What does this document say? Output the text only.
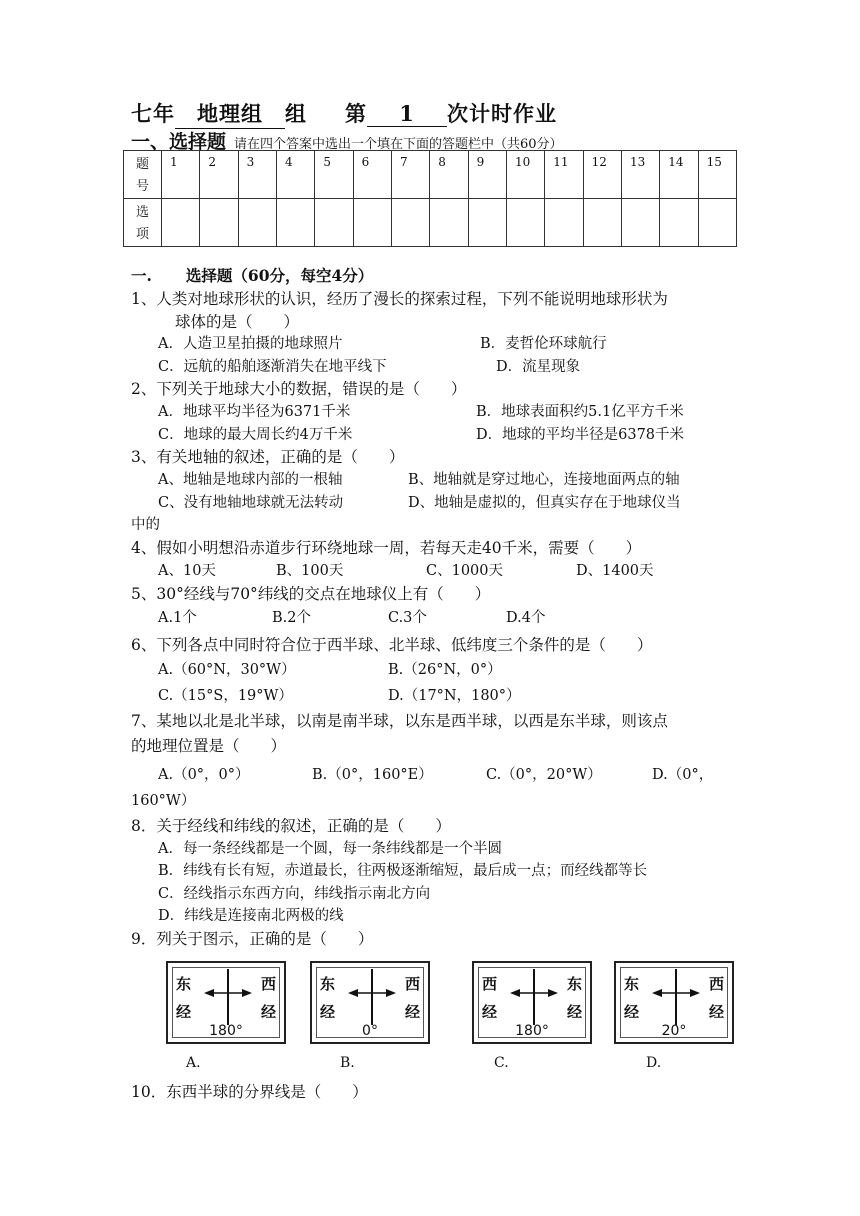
七年 地理组 组 第 1 次计时作业
一、选择题 请在四个答案中选出一个填在下面的答题栏中（共60分）
题
号	1	2	3	4	5	6	7	8	9	10	11	12	13	14	15
选
项															
一. 选择题（60分，每空4分）
1、人类对地球形状的认识，经历了漫长的探索过程，下列不能说明地球形状为
球体的是（　　）
A．人造卫星拍摄的地球照片	B．麦哲伦环球航行
C．远航的船舶逐渐消失在地平线下	D．流星现象
2、下列关于地球大小的数据，错误的是（　　）
A．地球平均半径为6371千米	B．地球表面积约5.1亿平方千米
C．地球的最大周长约4万千米	D．地球的平均半径是6378千米
3、有关地轴的叙述，正确的是（　　）
A、地轴是地球内部的一根轴	B、地轴就是穿过地心，连接地面两点的轴
C、没有地轴地球就无法转动	D、地轴是虚拟的，但真实存在于地球仪当
中的
4、假如小明想沿赤道步行环绕地球一周，若每天走40千米，需要（　　）
A、10天	B、100天	C、1000天	D、1400天
5、30°经线与70°纬线的交点在地球仪上有（　　）
A.1个	B.2个	C.3个	D.4个
6、下列各点中同时符合位于西半球、北半球、低纬度三个条件的是（　　）
A.（60°N，30°W）	B.（26°N，0°）
C.（15°S，19°W）	D.（17°N，180°）
7、某地以北是北半球，以南是南半球，以东是西半球，以西是东半球，则该点
的地理位置是（　　）
A.（0°，0°）	B.（0°，160°E）	C.（0°，20°W）	D.（0°，
160°W）
8．关于经线和纬线的叙述，正确的是（　　）
A．每一条经线都是一个圆，每一条纬线都是一个半圆
B．纬线有长有短，赤道最长，往两极逐渐缩短，最后成一点；而经线都等长
C．经线指示东西方向，纬线指示南北方向
D．纬线是连接南北两极的线
9．列关于图示，正确的是（　　）
东
经
西
经
180°
东
经
西
经
0°
西
经
东
经
180°
东
经
西
经
20°
A.	B.	C.	D.
10．东西半球的分界线是（　　）
